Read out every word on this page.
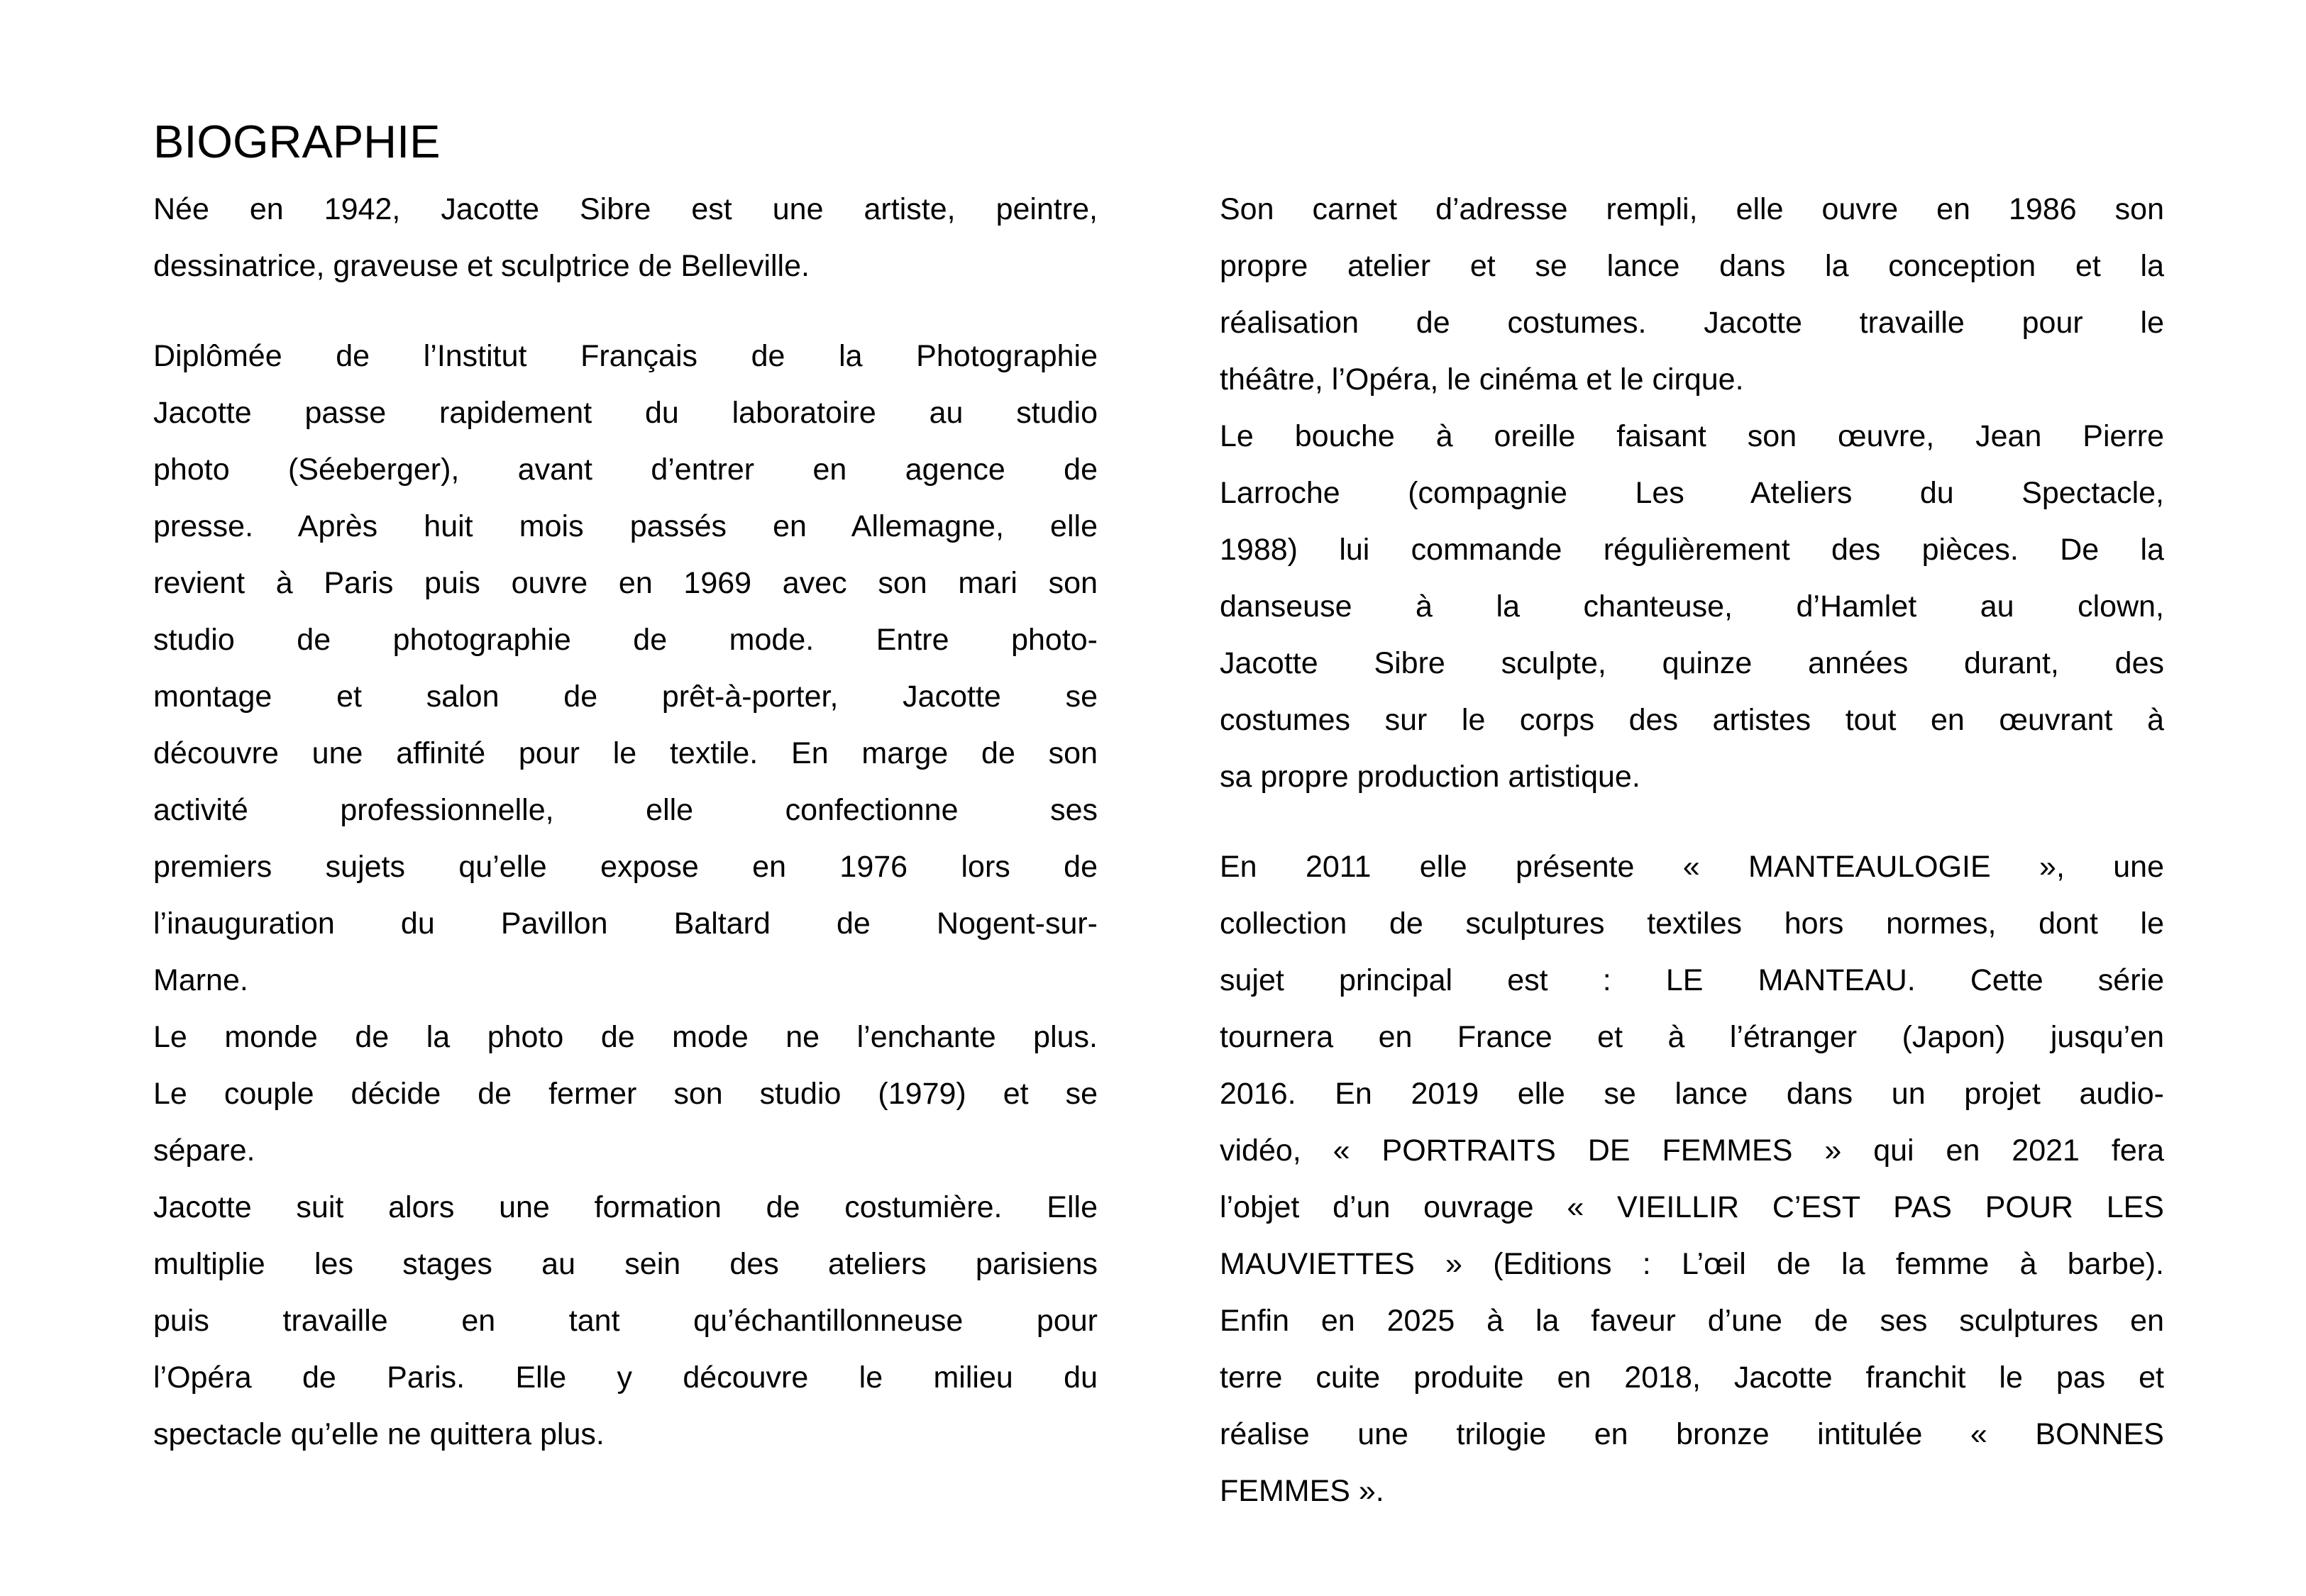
BIOGRAPHIE
Née en 1942, Jacotte Sibre est une artiste, peintre,
dessinatrice, graveuse et sculptrice de Belleville.
Diplômée de l’Institut Français de la Photographie
Jacotte passe rapidement du laboratoire au studio
photo (Séeberger), avant d’entrer en agence de
presse. Après huit mois passés en Allemagne, elle
revient à Paris puis ouvre en 1969 avec son mari son
studio de photographie de mode. Entre photo-
montage et salon de prêt-à-porter, Jacotte se
découvre une affinité pour le textile. En marge de son
activité professionnelle, elle confectionne ses
premiers sujets qu’elle expose en 1976 lors de
l’inauguration du Pavillon Baltard de Nogent-sur-
Marne.
Le monde de la photo de mode ne l’enchante plus.
Le couple décide de fermer son studio (1979) et se
sépare.
Jacotte suit alors une formation de costumière. Elle
multiplie les stages au sein des ateliers parisiens
puis travaille en tant qu’échantillonneuse pour
l’Opéra de Paris. Elle y découvre le milieu du
spectacle qu’elle ne quittera plus.
Son carnet d’adresse rempli, elle ouvre en 1986 son
propre atelier et se lance dans la conception et la
réalisation de costumes. Jacotte travaille pour le
théâtre, l’Opéra, le cinéma et le cirque.
Le bouche à oreille faisant son œuvre, Jean Pierre
Larroche (compagnie Les Ateliers du Spectacle,
1988) lui commande régulièrement des pièces. De la
danseuse à la chanteuse, d’Hamlet au clown,
Jacotte Sibre sculpte, quinze années durant, des
costumes sur le corps des artistes tout en œuvrant à
sa propre production artistique.
En 2011 elle présente « MANTEAULOGIE », une
collection de sculptures textiles hors normes, dont le
sujet principal est : LE MANTEAU. Cette série
tournera en France et à l’étranger (Japon) jusqu’en
2016. En 2019 elle se lance dans un projet audio-
vidéo, « PORTRAITS DE FEMMES » qui en 2021 fera
l’objet d’un ouvrage « VIEILLIR C’EST PAS POUR LES
MAUVIETTES » (Editions : L’œil de la femme à barbe).
Enfin en 2025 à la faveur d’une de ses sculptures en
terre cuite produite en 2018, Jacotte franchit le pas et
réalise une trilogie en bronze intitulée « BONNES
FEMMES ».
